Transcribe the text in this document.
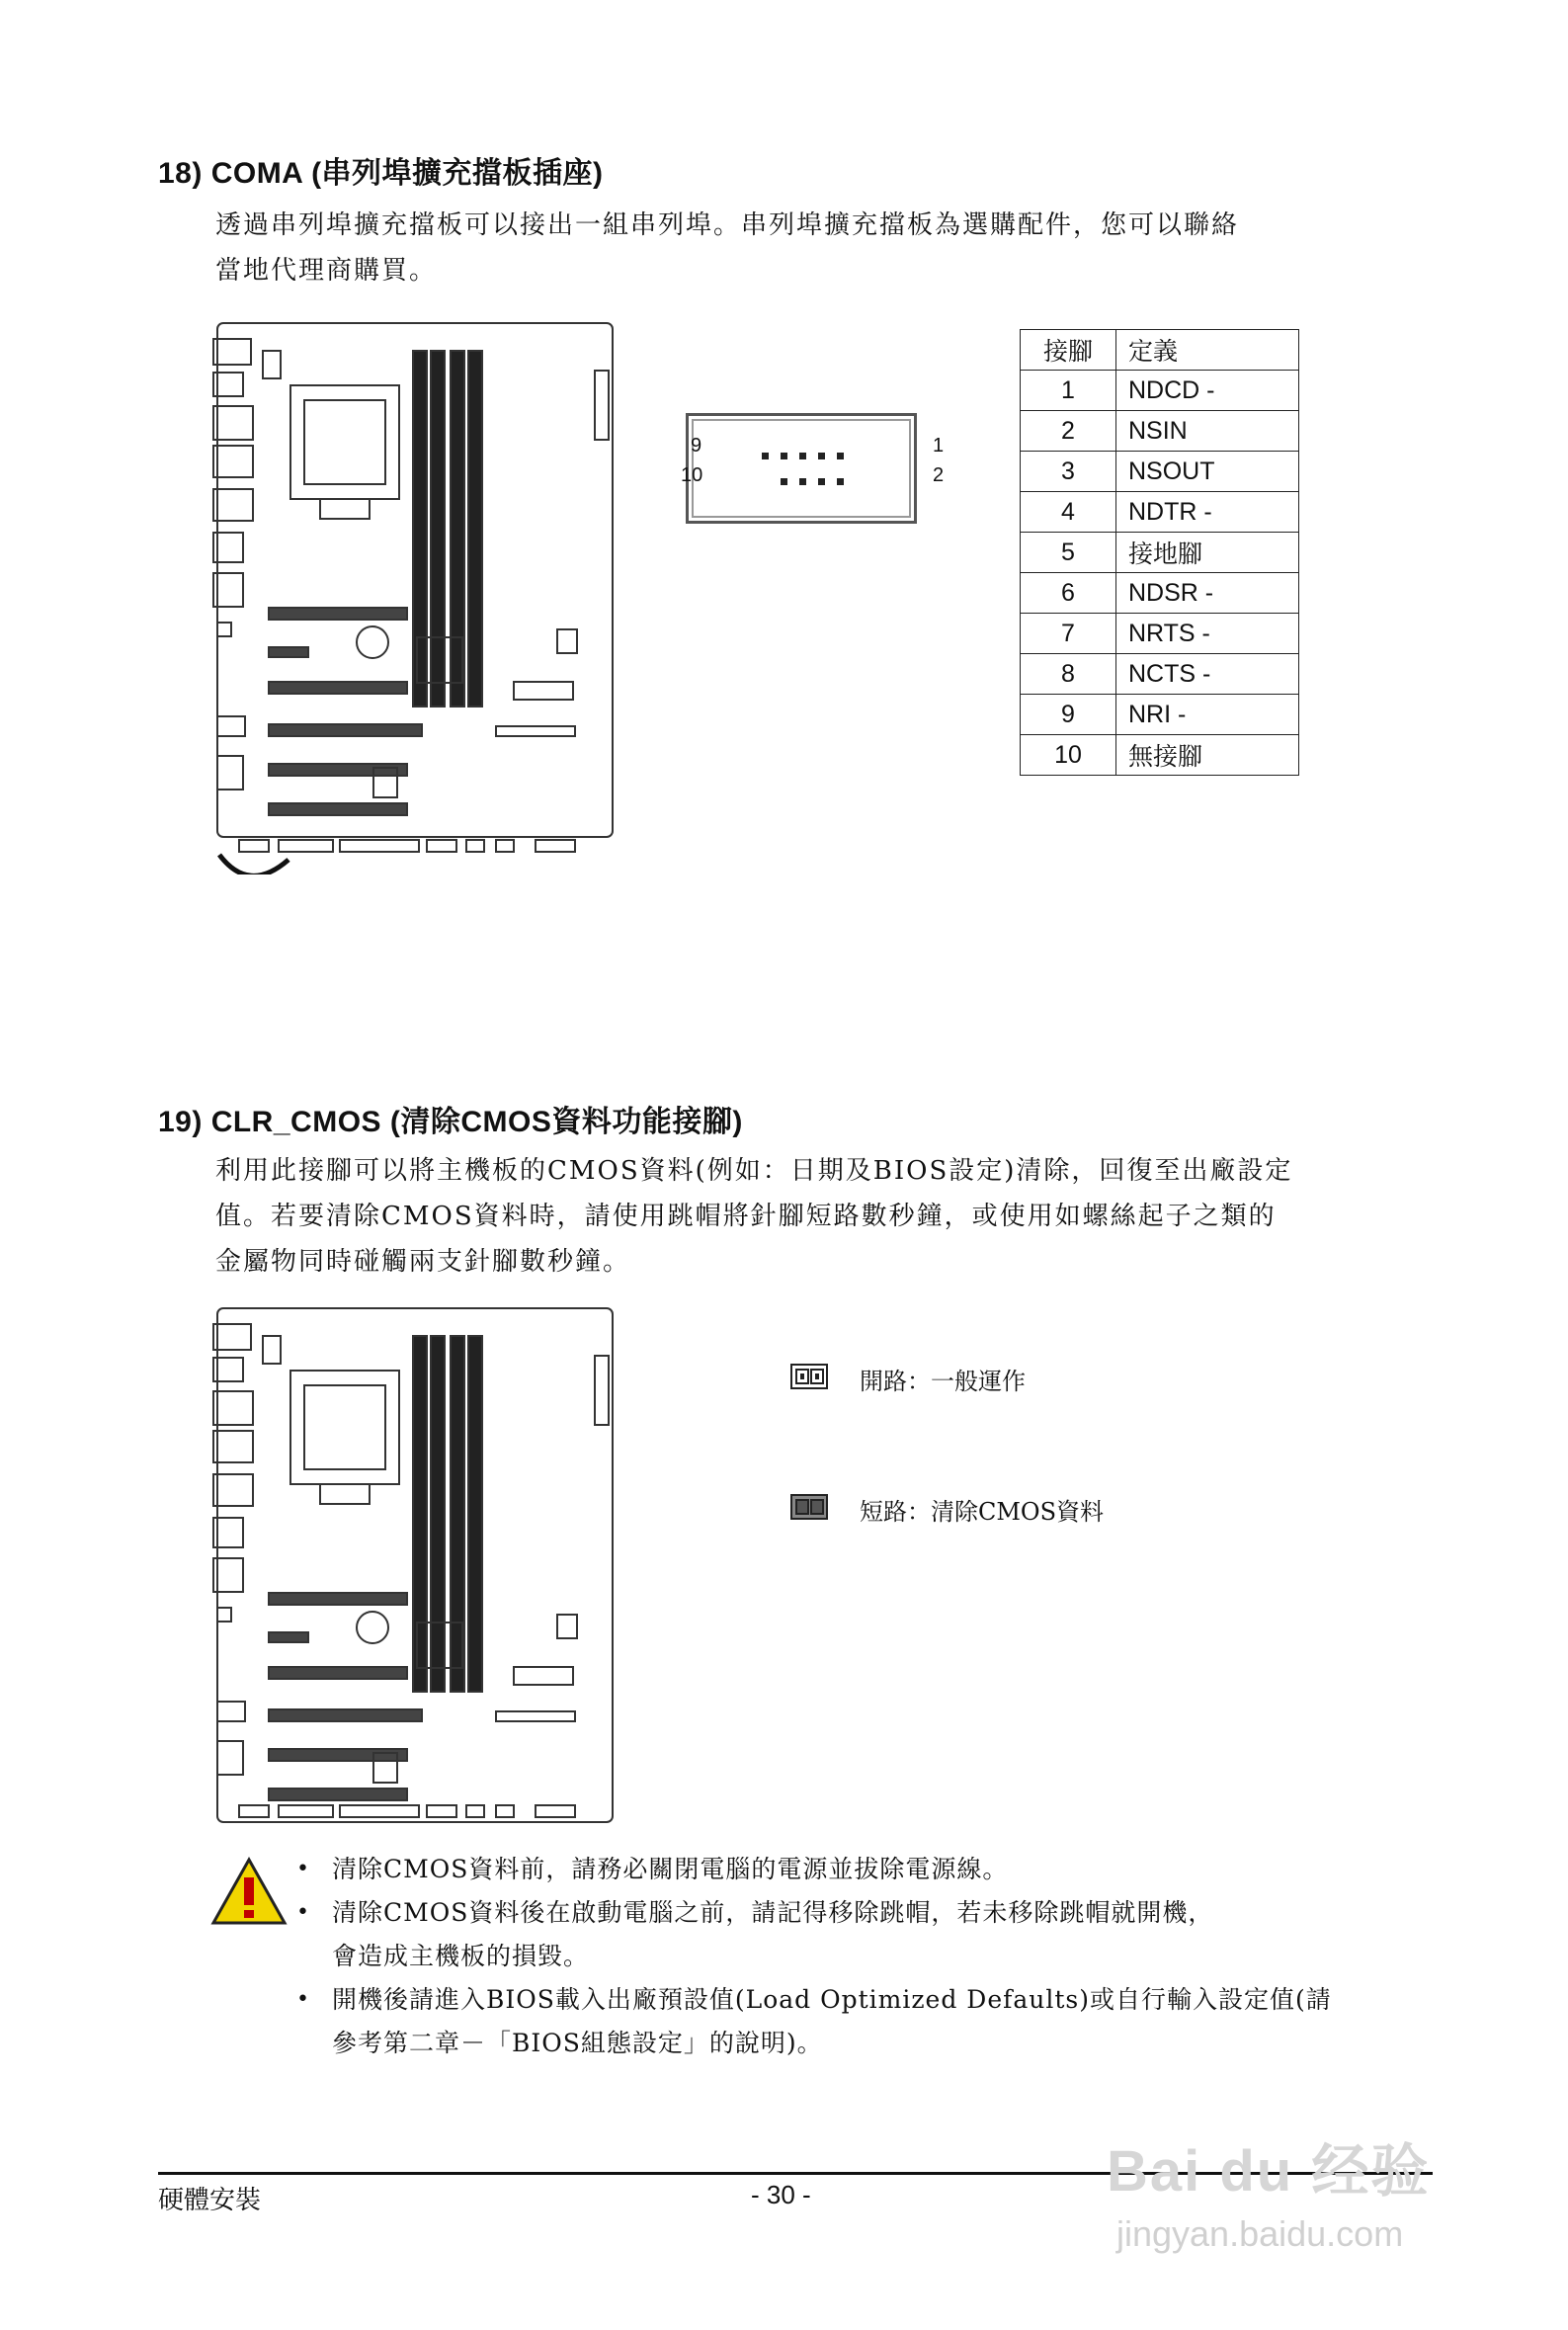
18) COMA (串列埠擴充擋板插座)
透過串列埠擴充擋板可以接出一組串列埠。串列埠擴充擋板為選購配件，您可以聯絡
當地代理商購買。
9
10
1
2
接腳	定義
1	NDCD -
2	NSIN
3	NSOUT
4	NDTR -
5	接地腳
6	NDSR -
7	NRTS -
8	NCTS -
9	NRI -
10	無接腳
19) CLR_CMOS (清除CMOS資料功能接腳)
利用此接腳可以將主機板的CMOS資料(例如：日期及BIOS設定)清除，回復至出廠設定
值。若要清除CMOS資料時，請使用跳帽將針腳短路數秒鐘，或使用如螺絲起子之類的
金屬物同時碰觸兩支針腳數秒鐘。
開路：一般運作
短路：清除CMOS資料
• 清除CMOS資料前，請務必關閉電腦的電源並拔除電源線。
• 清除CMOS資料後在啟動電腦之前，請記得移除跳帽，若未移除跳帽就開機，
會造成主機板的損毀。
• 開機後請進入BIOS載入出廠預設值(Load Optimized Defaults)或自行輸入設定值(請
參考第二章－「BIOS組態設定」的說明)。
硬體安裝	- 30 -	Bai du 经验
jingyan.baidu.com
